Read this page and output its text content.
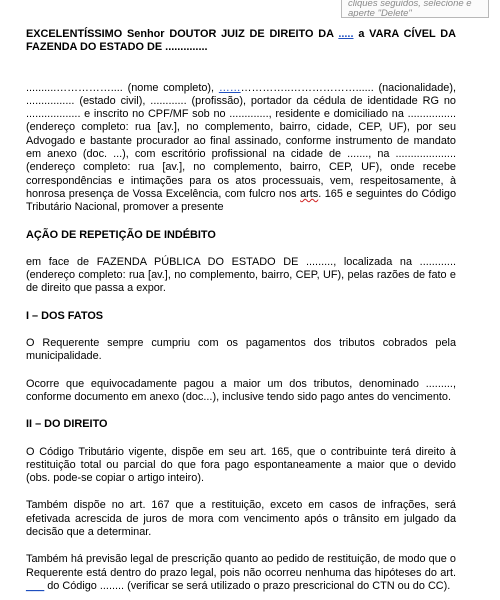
cliques seguidos, selecione e aperte "Delete"

EXCELENTÍSSIMO Senhor DOUTOR JUIZ DE DIREITO DA ..... a VARA CÍVEL DA FAZENDA DO ESTADO DE ..............

..........…………….... (nome completo), ………………..………………...... (nacionalidade), ................ (estado civil), ............ (profissão), portador da cédula de identidade RG no .................. e inscrito no CPF/MF sob no ............., residente e domiciliado na ................ (endereço completo: rua [av.], no complemento, bairro, cidade, CEP, UF), por seu Advogado e bastante procurador ao final assinado, conforme instrumento de mandato em anexo (doc. ...), com escritório profissional na cidade de ......., na .................... (endereço completo: rua [av.], no complemento, bairro, CEP, UF), onde recebe correspondências e intimações para os atos processuais, vem, respeitosamente, à honrosa presença de Vossa Excelência, com fulcro nos arts. 165 e seguintes do Código Tributário Nacional, promover a presente

AÇÃO DE REPETIÇÃO DE INDÉBITO

em face de FAZENDA PÚBLICA DO ESTADO DE ........., localizada na ............ (endereço completo: rua [av.], no complemento, bairro, CEP, UF), pelas razões de fato e de direito que passa a expor.

I – DOS FATOS

O Requerente sempre cumpriu com os pagamentos dos tributos cobrados pela municipalidade.

Ocorre que equivocadamente pagou a maior um dos tributos, denominado ........., conforme documento em anexo (doc...), inclusive tendo sido pago antes do vencimento.

II – DO DIREITO

O Código Tributário vigente, dispõe em seu art. 165, que o contribuinte terá direito à restituição total ou parcial do que fora pago espontaneamente a maior que o devido (obs. pode-se copiar o artigo inteiro).

Também dispõe no art. 167 que a restituição, exceto em casos de infrações, será efetivada acrescida de juros de mora com vencimento após o trânsito em julgado da decisão que a determinar.

Também há previsão legal de prescrição quanto ao pedido de restituição, de modo que o Requerente está dentro do prazo legal, pois não ocorreu nenhuma das hipóteses do art. ___ do Código ........ (verificar se será utilizado o prazo prescricional do CTN ou do CC).
